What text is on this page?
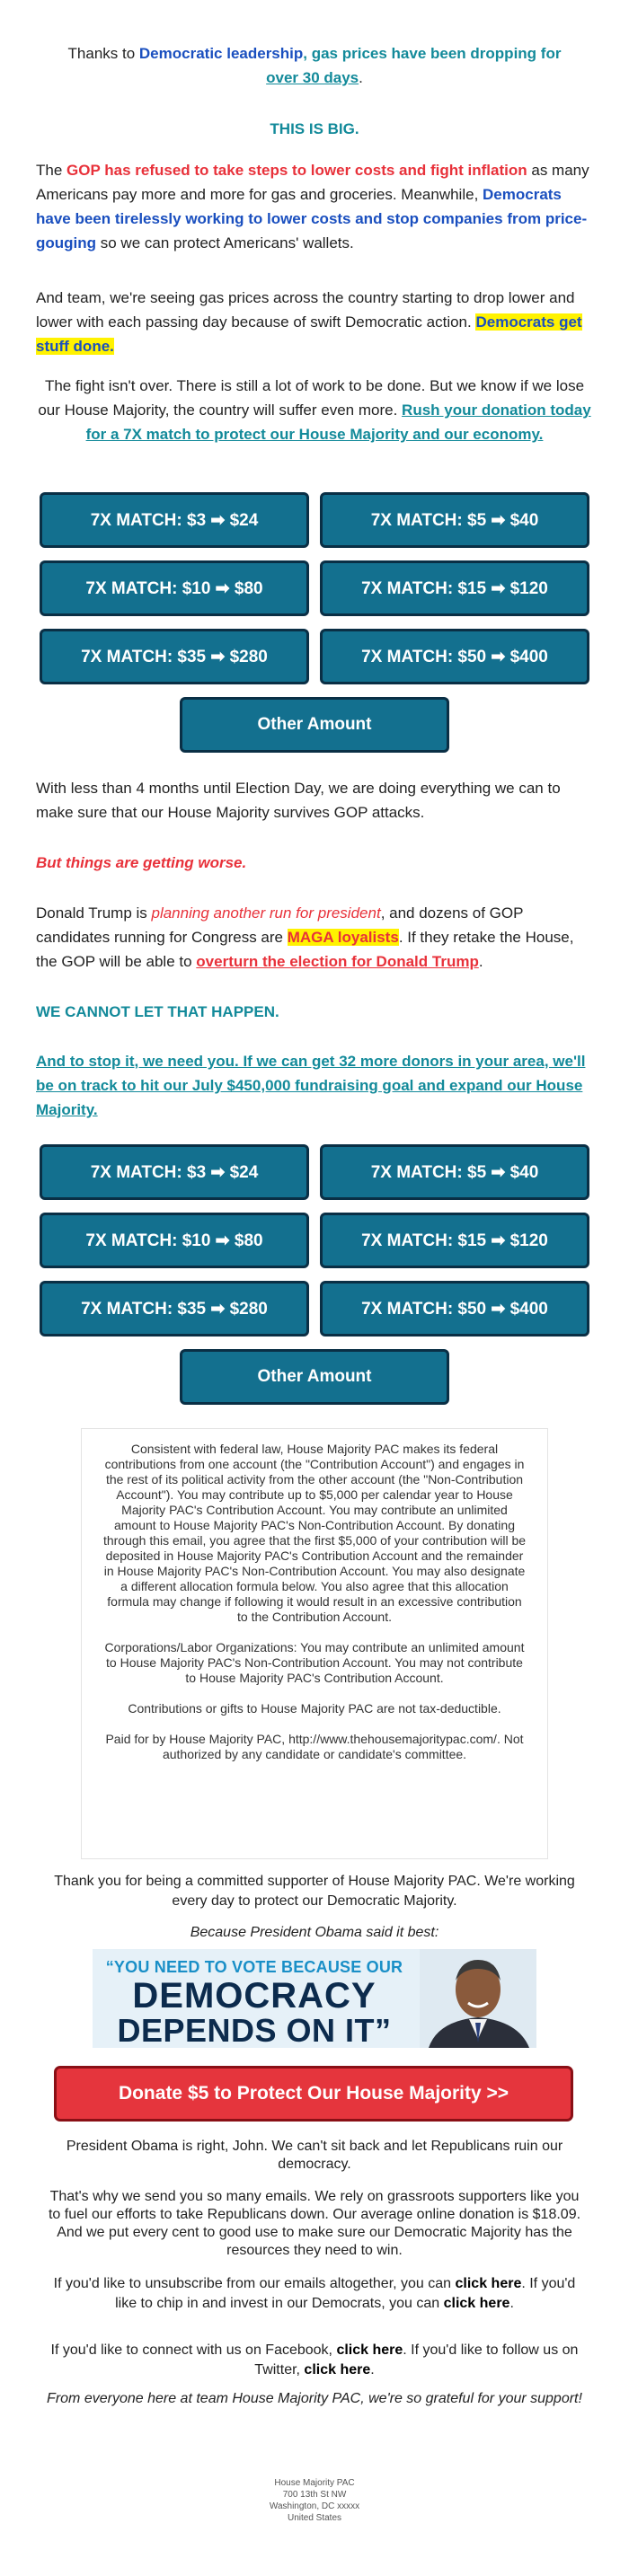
Thanks to Democratic leadership, gas prices have been dropping for
over 30 days.

THIS IS BIG.

The GOP has refused to take steps to lower costs and fight inflation as many Americans pay more and more for gas and groceries. Meanwhile, Democrats have been tirelessly working to lower costs and stop companies from price-gouging so we can protect Americans' wallets.

And team, we're seeing gas prices across the country starting to drop lower and lower with each passing day because of swift Democratic action. Democrats get stuff done.

The fight isn't over. There is still a lot of work to be done. But we know if we lose our House Majority, the country will suffer even more. Rush your donation today for a 7X match to protect our House Majority and our economy.

7X MATCH: $3 ➡ $24	7X MATCH: $5 ➡ $40
7X MATCH: $10 ➡ $80	7X MATCH: $15 ➡ $120
7X MATCH: $35 ➡ $280	7X MATCH: $50 ➡ $400
Other Amount

With less than 4 months until Election Day, we are doing everything we can to make sure that our House Majority survives GOP attacks.

But things are getting worse.

Donald Trump is planning another run for president, and dozens of GOP candidates running for Congress are MAGA loyalists. If they retake the House, the GOP will be able to overturn the election for Donald Trump.

WE CANNOT LET THAT HAPPEN.

And to stop it, we need you. If we can get 32 more donors in your area, we'll be on track to hit our July $450,000 fundraising goal and expand our House Majority.

7X MATCH: $3 ➡ $24	7X MATCH: $5 ➡ $40
7X MATCH: $10 ➡ $80	7X MATCH: $15 ➡ $120
7X MATCH: $35 ➡ $280	7X MATCH: $50 ➡ $400
Other Amount

Consistent with federal law, House Majority PAC makes its federal contributions from one account (the "Contribution Account") and engages in the rest of its political activity from the other account (the "Non-Contribution Account"). You may contribute up to $5,000 per calendar year to House Majority PAC's Contribution Account. You may contribute an unlimited amount to House Majority PAC's Non-Contribution Account. By donating through this email, you agree that the first $5,000 of your contribution will be deposited in House Majority PAC's Contribution Account and the remainder in House Majority PAC's Non-Contribution Account. You may also designate a different allocation formula below. You also agree that this allocation formula may change if following it would result in an excessive contribution to the Contribution Account.

Corporations/Labor Organizations: You may contribute an unlimited amount to House Majority PAC's Non-Contribution Account. You may not contribute to House Majority PAC's Contribution Account.

Contributions or gifts to House Majority PAC are not tax-deductible.

Paid for by House Majority PAC, http://www.thehousemajoritypac.com/. Not authorized by any candidate or candidate's committee.

Thank you for being a committed supporter of House Majority PAC. We're working every day to protect our Democratic Majority.

Because President Obama said it best:

“YOU NEED TO VOTE BECAUSE OUR
DEMOCRACY
DEPENDS ON IT”
Donate $5 to Protect Our House Majority >>

President Obama is right, John. We can't sit back and let Republicans ruin our democracy.

That's why we send you so many emails. We rely on grassroots supporters like you to fuel our efforts to take Republicans down. Our average online donation is $18.09. And we put every cent to good use to make sure our Democratic Majority has the resources they need to win.

If you'd like to unsubscribe from our emails altogether, you can click here. If you'd like to chip in and invest in our Democrats, you can click here.

If you'd like to connect with us on Facebook, click here. If you'd like to follow us on Twitter, click here.

From everyone here at team House Majority PAC, we're so grateful for your support!

House Majority PAC
700 13th St NW
Washington, DC xxxxx
United States
